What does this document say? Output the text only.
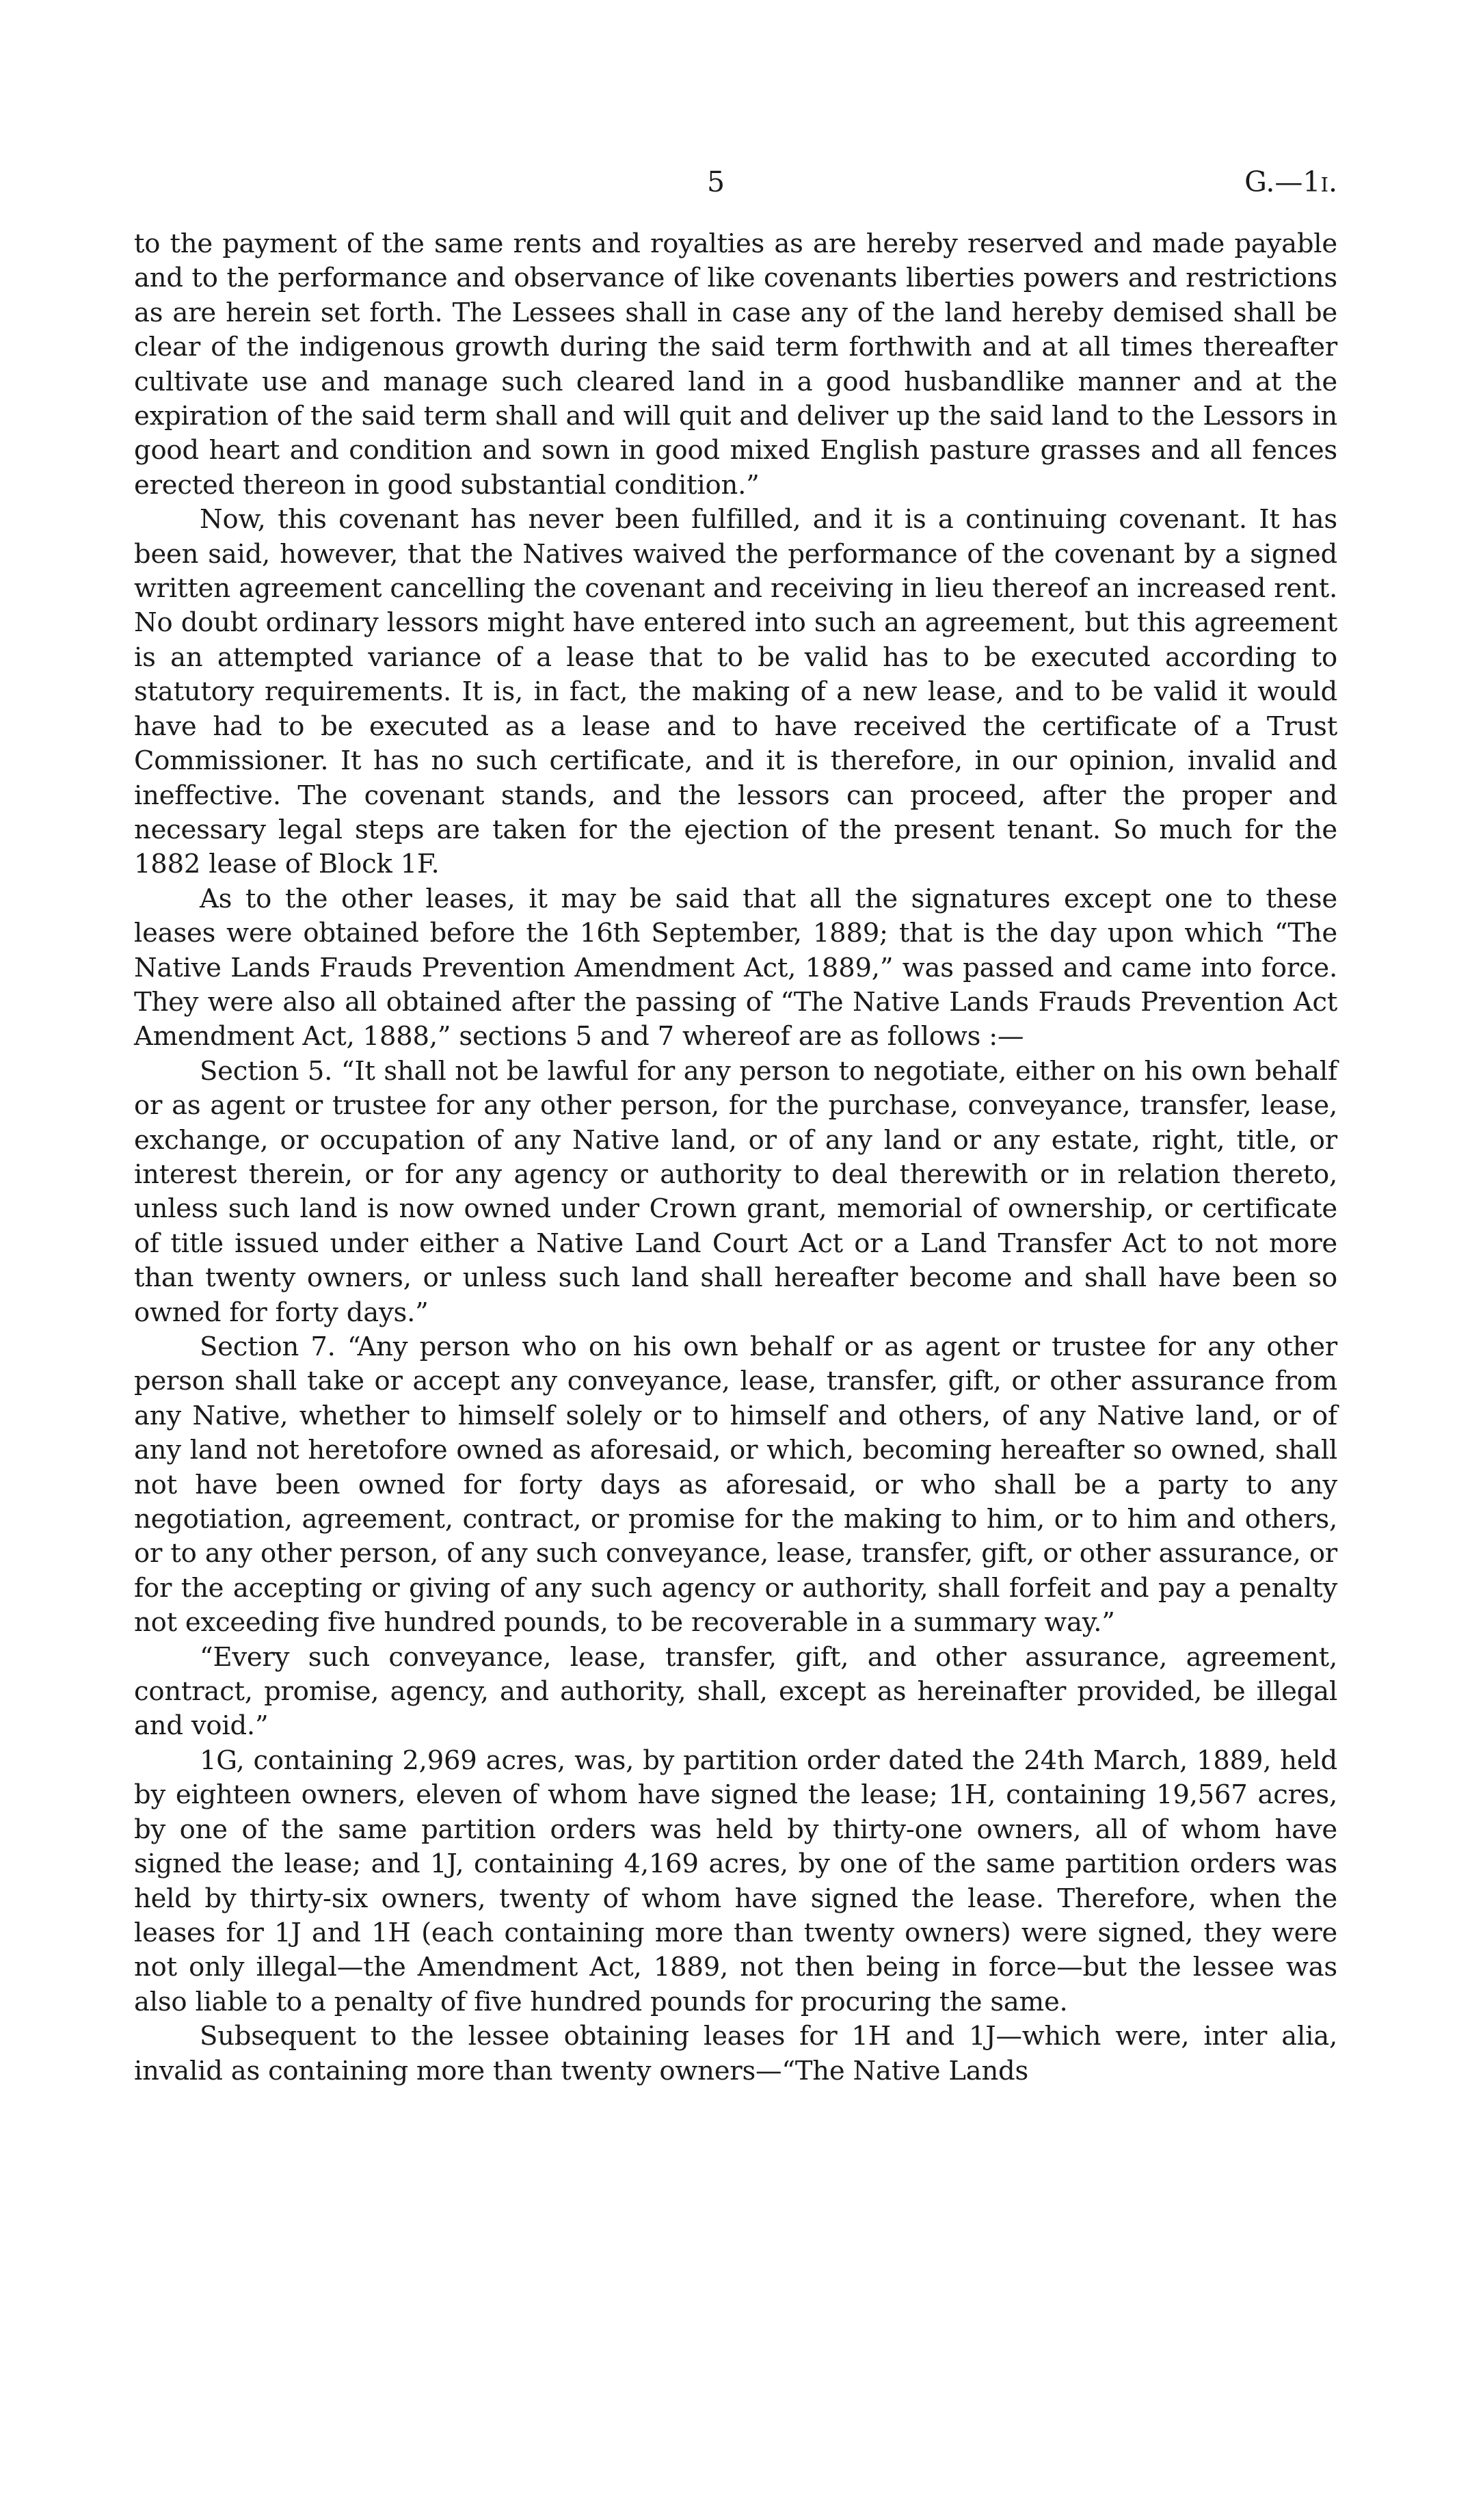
5	G.—1i.

to the payment of the same rents and royalties as are hereby reserved and made payable and to the performance and observance of like covenants liberties powers and restrictions as are herein set forth. The Lessees shall in case any of the land hereby demised shall be clear of the indigenous growth during the said term forthwith and at all times thereafter cultivate use and manage such cleared land in a good husbandlike manner and at the expiration of the said term shall and will quit and deliver up the said land to the Lessors in good heart and condition and sown in good mixed English pasture grasses and all fences erected thereon in good substantial condition.”

Now, this covenant has never been fulfilled, and it is a continuing covenant. It has been said, however, that the Natives waived the performance of the covenant by a signed written agreement cancelling the covenant and receiving in lieu thereof an increased rent. No doubt ordinary lessors might have entered into such an agreement, but this agreement is an attempted variance of a lease that to be valid has to be executed according to statutory requirements. It is, in fact, the making of a new lease, and to be valid it would have had to be executed as a lease and to have received the certificate of a Trust Commissioner. It has no such certificate, and it is therefore, in our opinion, invalid and ineffective. The covenant stands, and the lessors can proceed, after the proper and necessary legal steps are taken for the ejection of the present tenant. So much for the 1882 lease of Block 1F.

As to the other leases, it may be said that all the signatures except one to these leases were obtained before the 16th September, 1889; that is the day upon which “The Native Lands Frauds Prevention Amendment Act, 1889,” was passed and came into force. They were also all obtained after the passing of “The Native Lands Frauds Prevention Act Amendment Act, 1888,” sections 5 and 7 whereof are as follows :—

Section 5. “It shall not be lawful for any person to negotiate, either on his own behalf or as agent or trustee for any other person, for the purchase, conveyance, transfer, lease, exchange, or occupation of any Native land, or of any land or any estate, right, title, or interest therein, or for any agency or authority to deal therewith or in relation thereto, unless such land is now owned under Crown grant, memorial of ownership, or certificate of title issued under either a Native Land Court Act or a Land Transfer Act to not more than twenty owners, or unless such land shall hereafter become and shall have been so owned for forty days.”

Section 7. “Any person who on his own behalf or as agent or trustee for any other person shall take or accept any conveyance, lease, transfer, gift, or other assurance from any Native, whether to himself solely or to himself and others, of any Native land, or of any land not heretofore owned as aforesaid, or which, becoming hereafter so owned, shall not have been owned for forty days as aforesaid, or who shall be a party to any negotiation, agreement, contract, or promise for the making to him, or to him and others, or to any other person, of any such conveyance, lease, transfer, gift, or other assurance, or for the accepting or giving of any such agency or authority, shall forfeit and pay a penalty not exceeding five hundred pounds, to be recoverable in a summary way.”

“Every such conveyance, lease, transfer, gift, and other assurance, agreement, contract, promise, agency, and authority, shall, except as hereinafter provided, be illegal and void.”

1G, containing 2,969 acres, was, by partition order dated the 24th March, 1889, held by eighteen owners, eleven of whom have signed the lease; 1H, containing 19,567 acres, by one of the same partition orders was held by thirty-one owners, all of whom have signed the lease; and 1J, containing 4,169 acres, by one of the same partition orders was held by thirty-six owners, twenty of whom have signed the lease. Therefore, when the leases for 1J and 1H (each containing more than twenty owners) were signed, they were not only illegal—the Amendment Act, 1889, not then being in force—but the lessee was also liable to a penalty of five hundred pounds for procuring the same.

Subsequent to the lessee obtaining leases for 1H and 1J—which were, inter alia, invalid as containing more than twenty owners—“The Native Lands
